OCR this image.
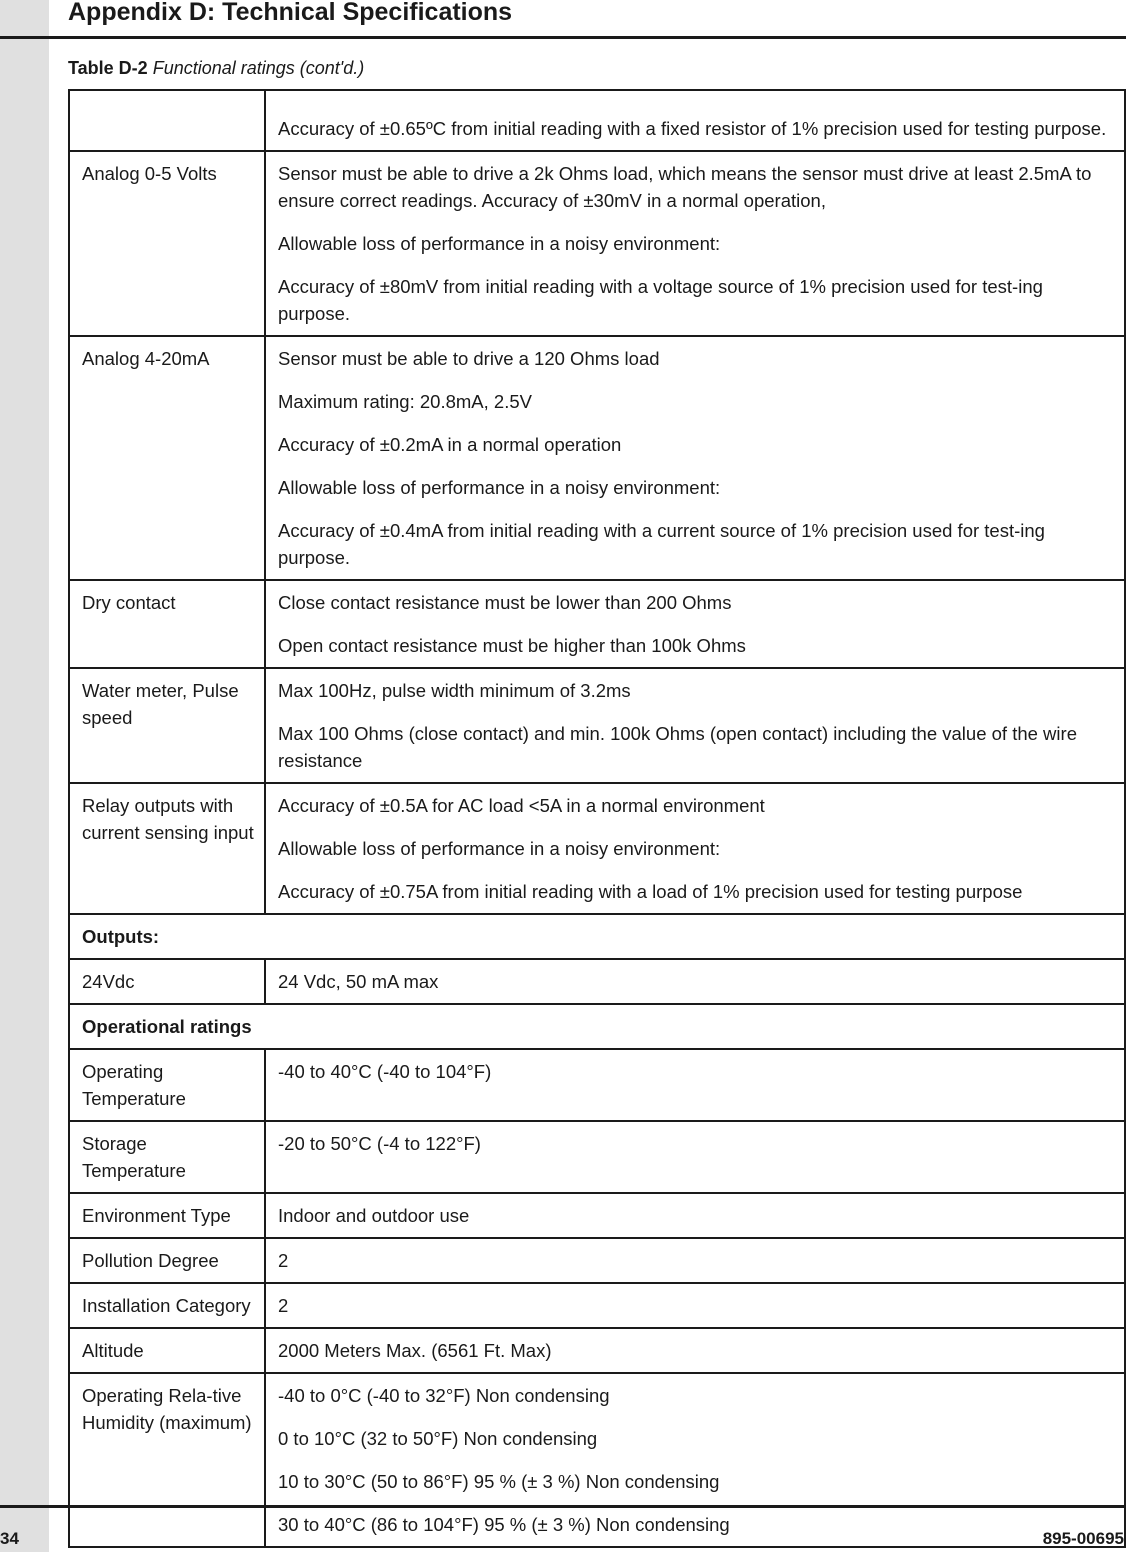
Appendix D: Technical Specifications
Table D-2 Functional ratings (cont'd.)

	Accuracy of ±0.65ºC from initial reading with a fixed resistor of 1% precision used for testing purpose.

Analog 0-5 Volts	Sensor must be able to drive a 2k Ohms load, which means the sensor must drive at least 2.5mA to ensure correct readings. Accuracy of ±30mV in a normal operation,

Allowable loss of performance in a noisy environment:

Accuracy of ±80mV from initial reading with a voltage source of 1% precision used for test-ing purpose.

Analog 4-20mA	Sensor must be able to drive a 120 Ohms load

Maximum rating: 20.8mA, 2.5V

Accuracy of ±0.2mA in a normal operation

Allowable loss of performance in a noisy environment:

Accuracy of ±0.4mA from initial reading with a current source of 1% precision used for test-ing purpose.

Dry contact	Close contact resistance must be lower than 200 Ohms

Open contact resistance must be higher than 100k Ohms

Water meter, Pulse speed	Max 100Hz, pulse width minimum of 3.2ms

Max 100 Ohms (close contact) and min. 100k Ohms (open contact) including the value of the wire resistance

Relay outputs with current sensing input	Accuracy of ±0.5A for AC load <5A in a normal environment

Allowable loss of performance in a noisy environment:

Accuracy of ±0.75A from initial reading with a load of 1% precision used for testing purpose

Outputs:	
24Vdc	24 Vdc, 50 mA max

Operational ratings	
Operating Temperature	-40 to 40°C (-40 to 104°F)

Storage Temperature	-20 to 50°C (-4 to 122°F)

Environment Type	Indoor and outdoor use

Pollution Degree	2

Installation Category	2

Altitude	2000 Meters Max. (6561 Ft. Max)

Operating Rela-tive Humidity (maximum)	-40 to 0°C (-40 to 32°F) Non condensing

0 to 10°C (32 to 50°F) Non condensing

10 to 30°C (50 to 86°F) 95 % (± 3 %) Non condensing

30 to 40°C (86 to 104°F) 95 % (± 3 %) Non condensing

34	895-00695
